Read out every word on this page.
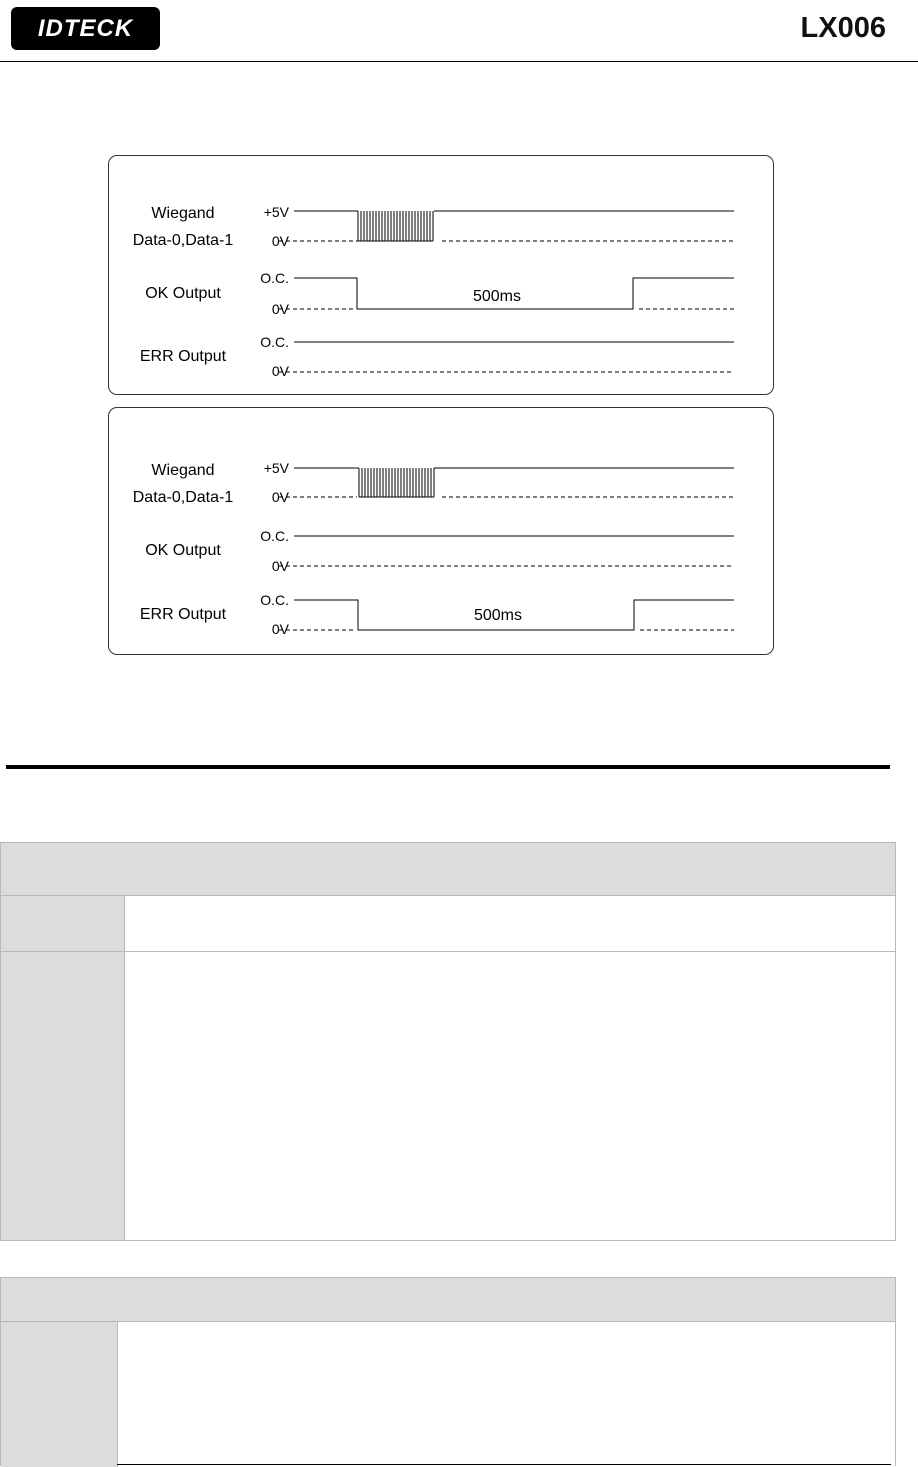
IDTECK	LX006
Wiegand
Data-0,Data-1
OK Output
ERR Output
+5V
0V
O.C.
0V
O.C.
0V
500ms
Wiegand
Data-0,Data-1
OK Output
ERR Output
+5V
0V
O.C.
0V
O.C.
0V
500ms
